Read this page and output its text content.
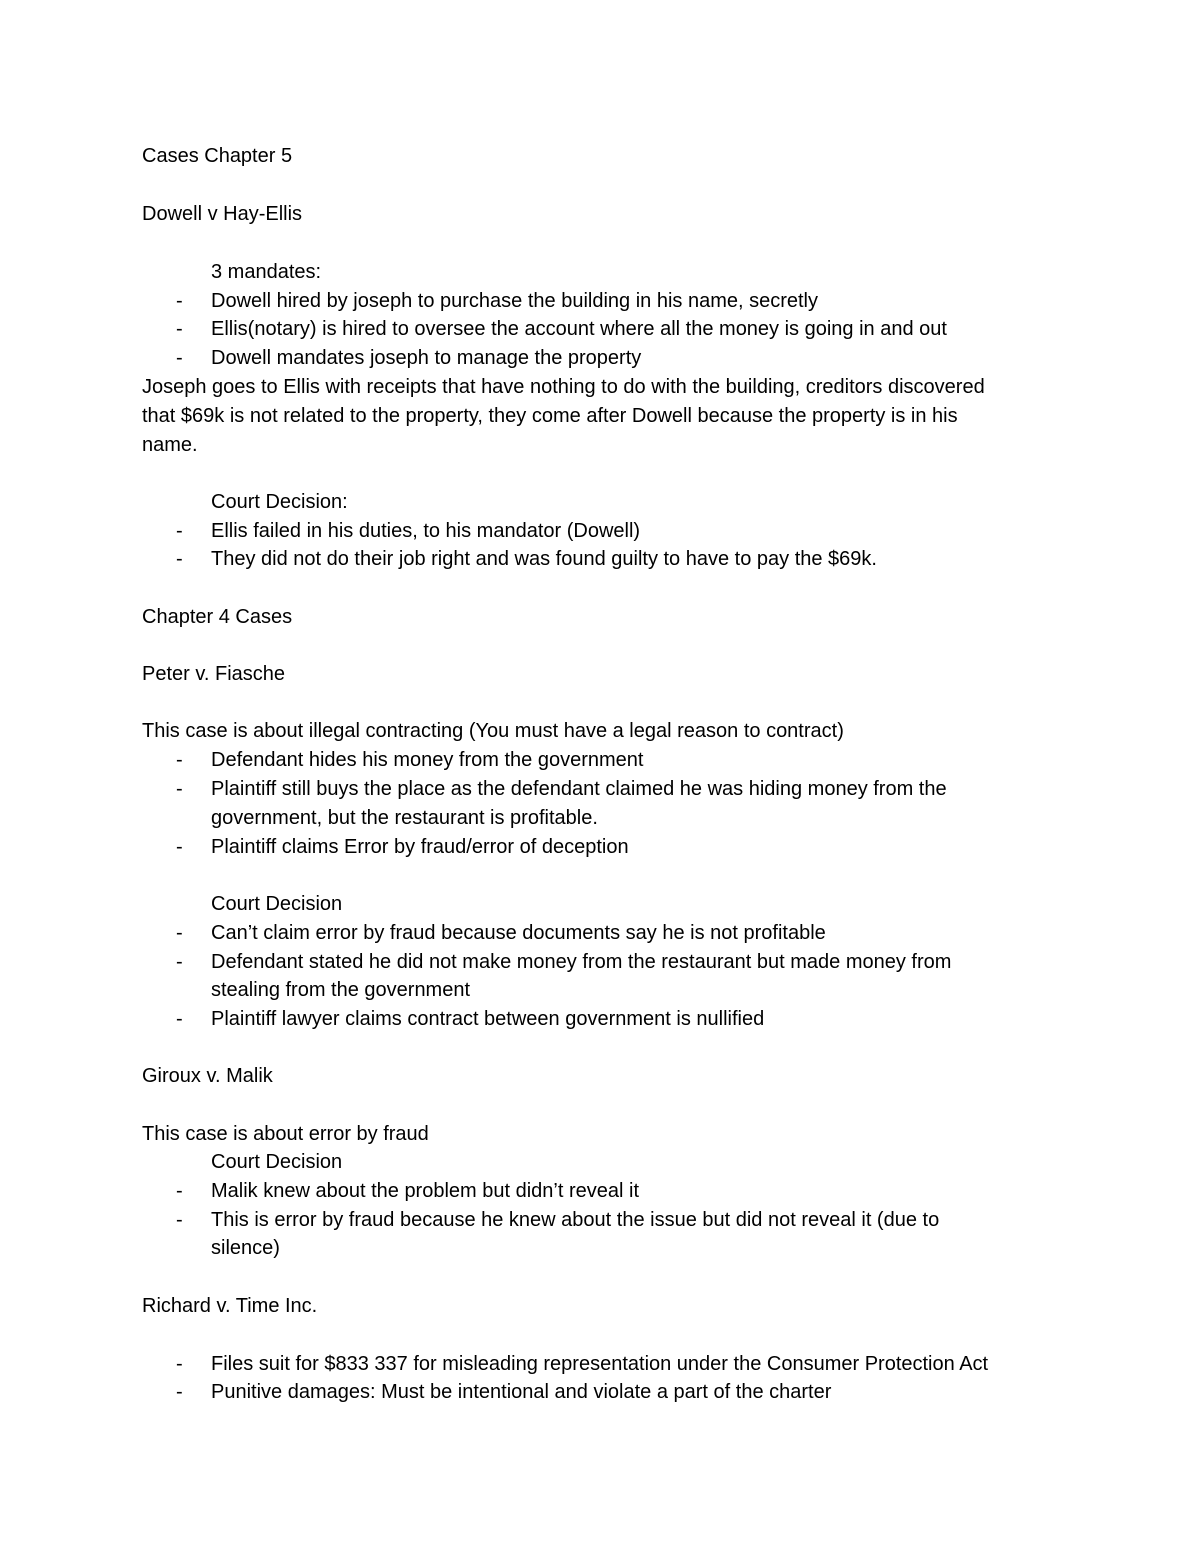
Cases Chapter 5
Dowell v Hay-Ellis
3 mandates:
- Dowell hired by joseph to purchase the building in his name, secretly
- Ellis(notary) is hired to oversee the account where all the money is going in and out
- Dowell mandates joseph to manage the property
Joseph goes to Ellis with receipts that have nothing to do with the building, creditors discovered
that $69k is not related to the property, they come after Dowell because the property is in his
name.
Court Decision:
- Ellis failed in his duties, to his mandator (Dowell)
- They did not do their job right and was found guilty to have to pay the $69k.
Chapter 4 Cases
Peter v. Fiasche
This case is about illegal contracting (You must have a legal reason to contract)
- Defendant hides his money from the government
- Plaintiff still buys the place as the defendant claimed he was hiding money from the
government, but the restaurant is profitable.
- Plaintiff claims Error by fraud/error of deception
Court Decision
- Can’t claim error by fraud because documents say he is not profitable
- Defendant stated he did not make money from the restaurant but made money from
stealing from the government
- Plaintiff lawyer claims contract between government is nullified
Giroux v. Malik
This case is about error by fraud
Court Decision
- Malik knew about the problem but didn’t reveal it
- This is error by fraud because he knew about the issue but did not reveal it (due to
silence)
Richard v. Time Inc.
- Files suit for $833 337 for misleading representation under the Consumer Protection Act
- Punitive damages: Must be intentional and violate a part of the charter
